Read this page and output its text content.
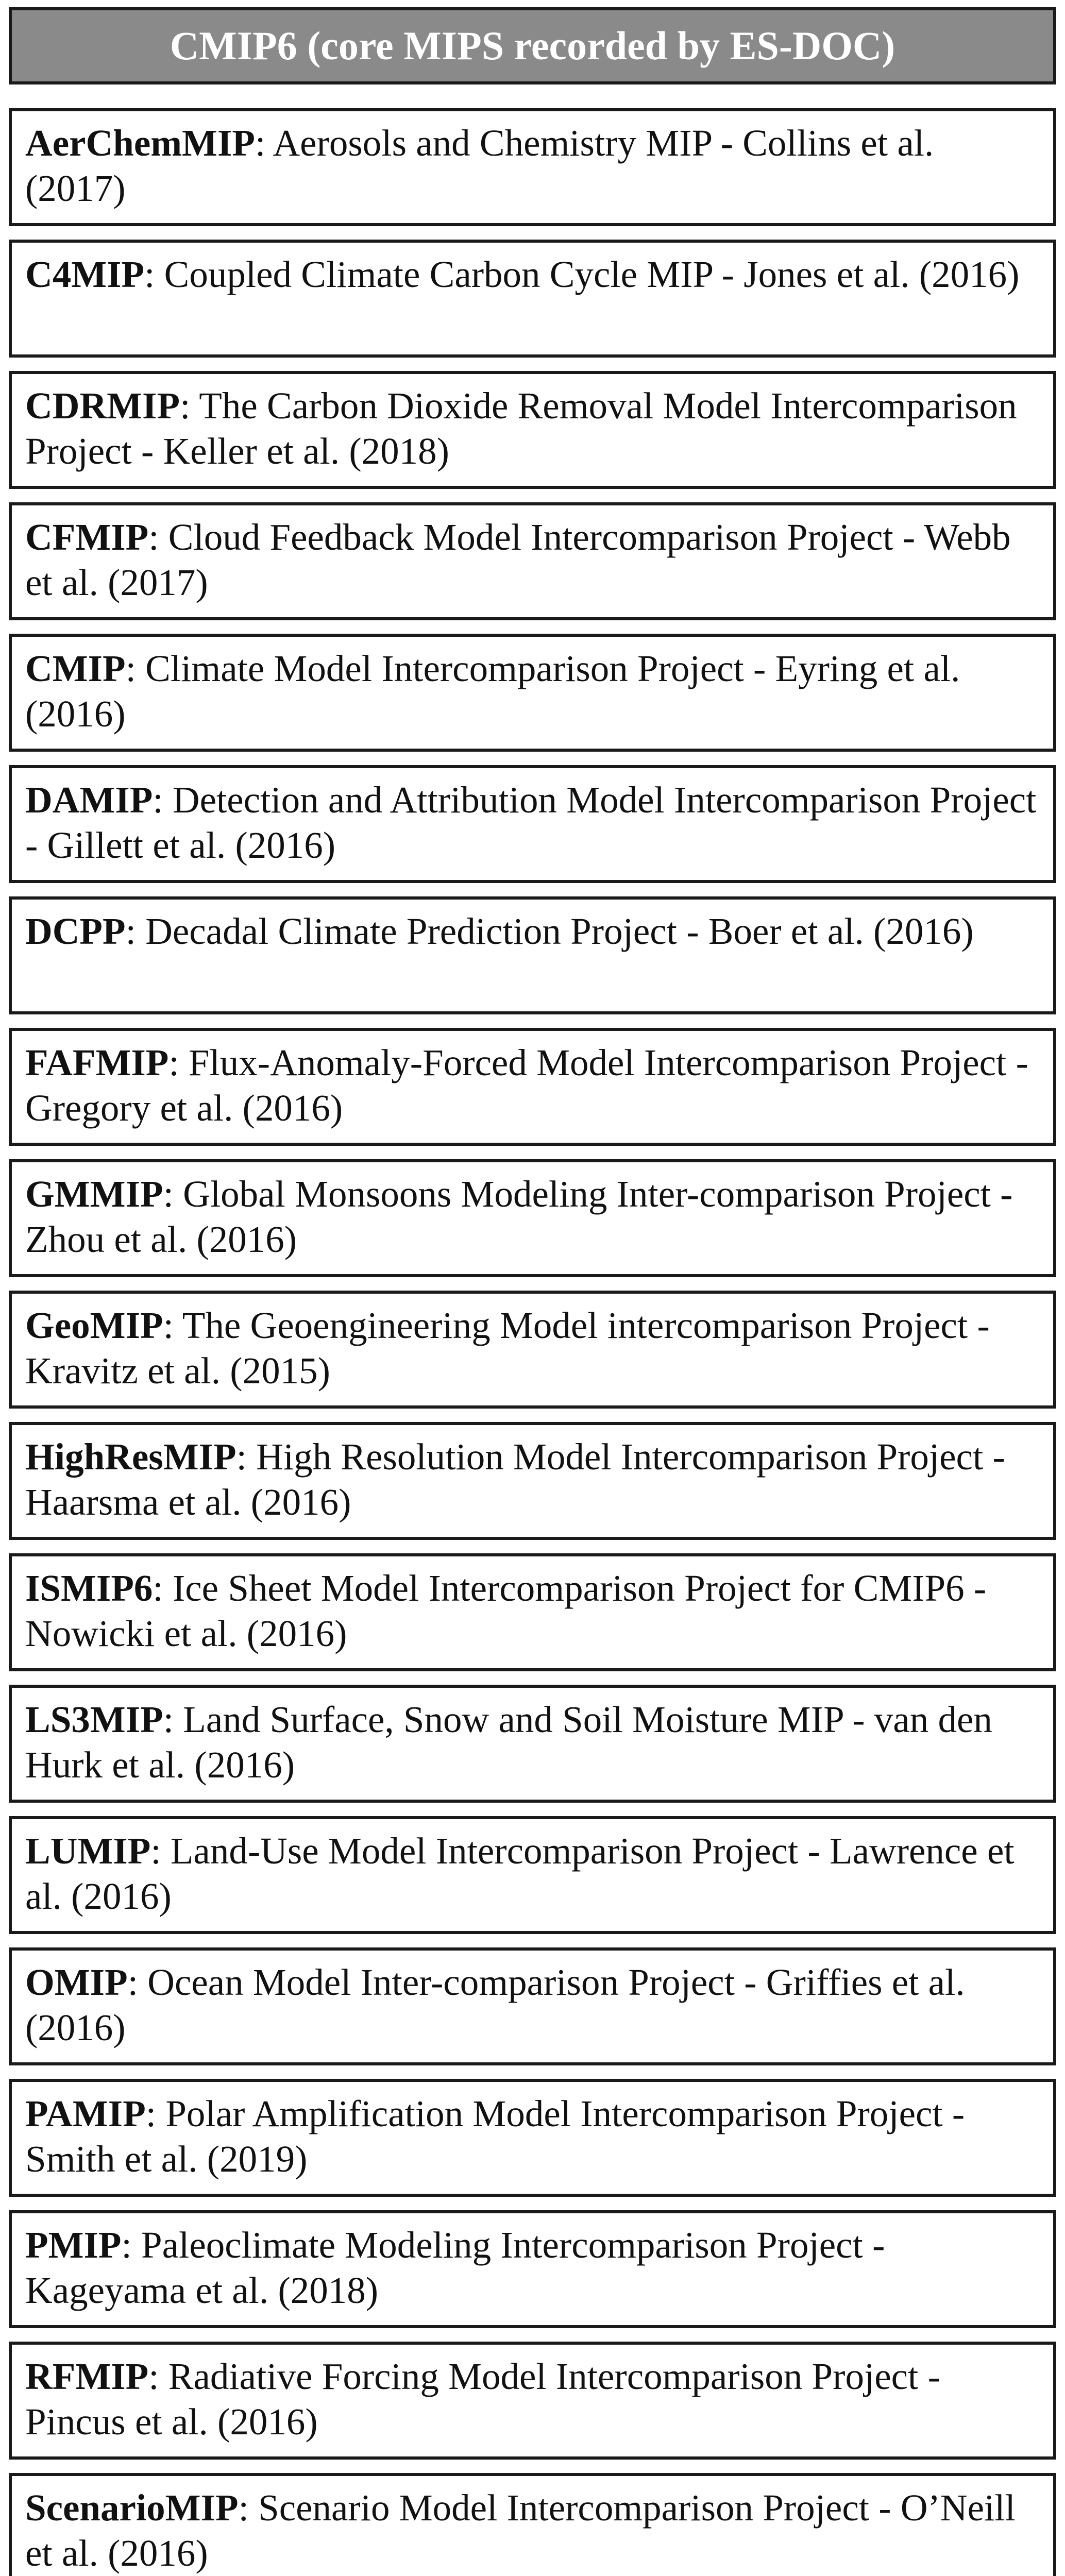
CMIP6 (core MIPS recorded by ES-DOC)
AerChemMIP: Aerosols and Chemistry MIP - Collins et al. (2017)
C4MIP: Coupled Climate Carbon Cycle MIP - Jones et al. (2016)
CDRMIP: The Carbon Dioxide Removal Model Intercomparison Project - Keller et al. (2018)
CFMIP: Cloud Feedback Model Intercomparison Project - Webb et al. (2017)
CMIP: Climate Model Intercomparison Project - Eyring et al. (2016)
DAMIP: Detection and Attribution Model Intercomparison Project - Gillett et al. (2016)
DCPP: Decadal Climate Prediction Project - Boer et al. (2016)
FAFMIP: Flux-Anomaly-Forced Model Intercomparison Project - Gregory et al. (2016)
GMMIP: Global Monsoons Modeling Inter-comparison Project - Zhou et al. (2016)
GeoMIP: The Geoengineering Model intercomparison Project - Kravitz et al. (2015)
HighResMIP: High Resolution Model Intercomparison Project - Haarsma et al. (2016)
ISMIP6: Ice Sheet Model Intercomparison Project for CMIP6 - Nowicki et al. (2016)
LS3MIP: Land Surface, Snow and Soil Moisture MIP - van den Hurk et al. (2016)
LUMIP: Land-Use Model Intercomparison Project - Lawrence et al. (2016)
OMIP: Ocean Model Inter-comparison Project - Griffies et al. (2016)
PAMIP: Polar Amplification Model Intercomparison Project - Smith et al. (2019)
PMIP: Paleoclimate Modeling Intercomparison Project - Kageyama et al. (2018)
RFMIP: Radiative Forcing Model Intercomparison Project - Pincus et al. (2016)
ScenarioMIP: Scenario Model Intercomparison Project - O’Neill et al. (2016)
